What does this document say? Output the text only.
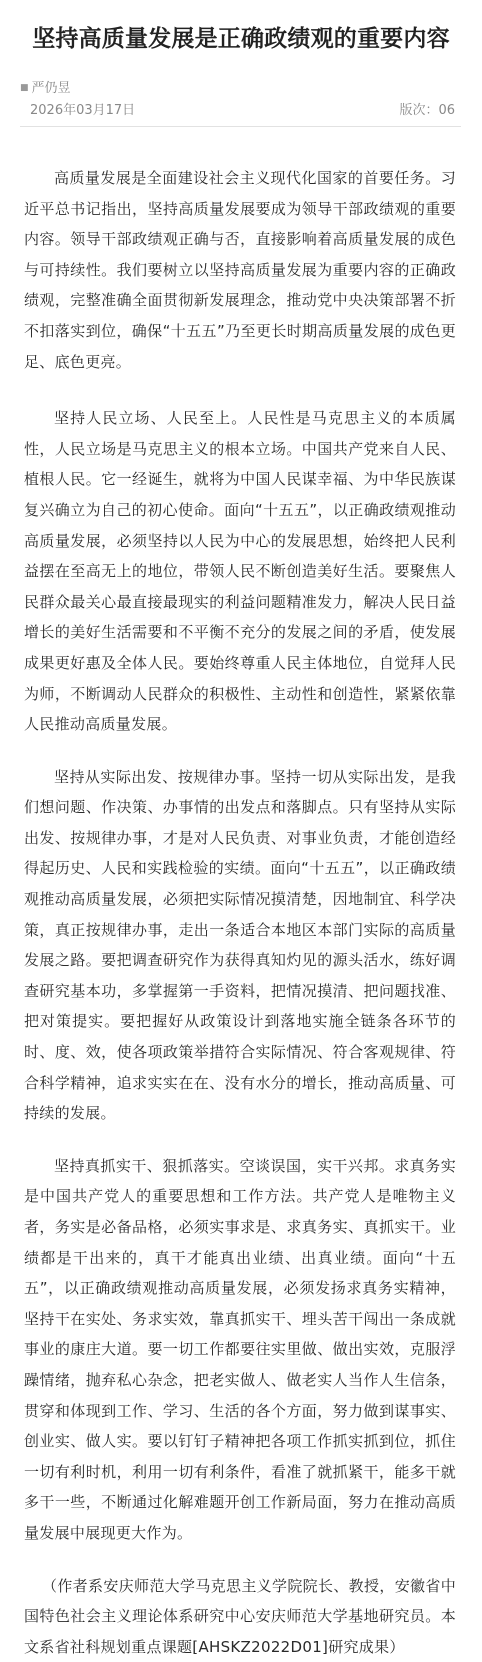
坚持高质量发展是正确政绩观的重要内容
■ 严仍昱
2026年03月17日	版次：06

高质量发展是全面建设社会主义现代化国家的首要任务。习近平总书记指出，坚持高质量发展要成为领导干部政绩观的重要内容。领导干部政绩观正确与否，直接影响着高质量发展的成色与可持续性。我们要树立以坚持高质量发展为重要内容的正确政绩观，完整准确全面贯彻新发展理念，推动党中央决策部署不折不扣落实到位，确保“十五五”乃至更长时期高质量发展的成色更足、底色更亮。

坚持人民立场、人民至上。人民性是马克思主义的本质属性，人民立场是马克思主义的根本立场。中国共产党来自人民、植根人民。它一经诞生，就将为中国人民谋幸福、为中华民族谋复兴确立为自己的初心使命。面向“十五五”，以正确政绩观推动高质量发展，必须坚持以人民为中心的发展思想，始终把人民利益摆在至高无上的地位，带领人民不断创造美好生活。要聚焦人民群众最关心最直接最现实的利益问题精准发力，解决人民日益增长的美好生活需要和不平衡不充分的发展之间的矛盾，使发展成果更好惠及全体人民。要始终尊重人民主体地位，自觉拜人民为师，不断调动人民群众的积极性、主动性和创造性，紧紧依靠人民推动高质量发展。

坚持从实际出发、按规律办事。坚持一切从实际出发，是我们想问题、作决策、办事情的出发点和落脚点。只有坚持从实际出发、按规律办事，才是对人民负责、对事业负责，才能创造经得起历史、人民和实践检验的实绩。面向“十五五”，以正确政绩观推动高质量发展，必须把实际情况摸清楚，因地制宜、科学决策，真正按规律办事，走出一条适合本地区本部门实际的高质量发展之路。要把调查研究作为获得真知灼见的源头活水，练好调查研究基本功，多掌握第一手资料，把情况摸清、把问题找准、把对策提实。要把握好从政策设计到落地实施全链条各环节的时、度、效，使各项政策举措符合实际情况、符合客观规律、符合科学精神，追求实实在在、没有水分的增长，推动高质量、可持续的发展。

坚持真抓实干、狠抓落实。空谈误国，实干兴邦。求真务实是中国共产党人的重要思想和工作方法。共产党人是唯物主义者，务实是必备品格，必须实事求是、求真务实、真抓实干。业绩都是干出来的，真干才能真出业绩、出真业绩。面向“十五五”，以正确政绩观推动高质量发展，必须发扬求真务实精神，坚持干在实处、务求实效，靠真抓实干、埋头苦干闯出一条成就事业的康庄大道。要一切工作都要往实里做、做出实效，克服浮躁情绪，抛弃私心杂念，把老实做人、做老实人当作人生信条，贯穿和体现到工作、学习、生活的各个方面，努力做到谋事实、创业实、做人实。要以钉钉子精神把各项工作抓实抓到位，抓住一切有利时机，利用一切有利条件，看准了就抓紧干，能多干就多干一些，不断通过化解难题开创工作新局面，努力在推动高质量发展中展现更大作为。

（作者系安庆师范大学马克思主义学院院长、教授，安徽省中国特色社会主义理论体系研究中心安庆师范大学基地研究员。本文系省社科规划重点课题[AHSKZ2022D01]研究成果）
